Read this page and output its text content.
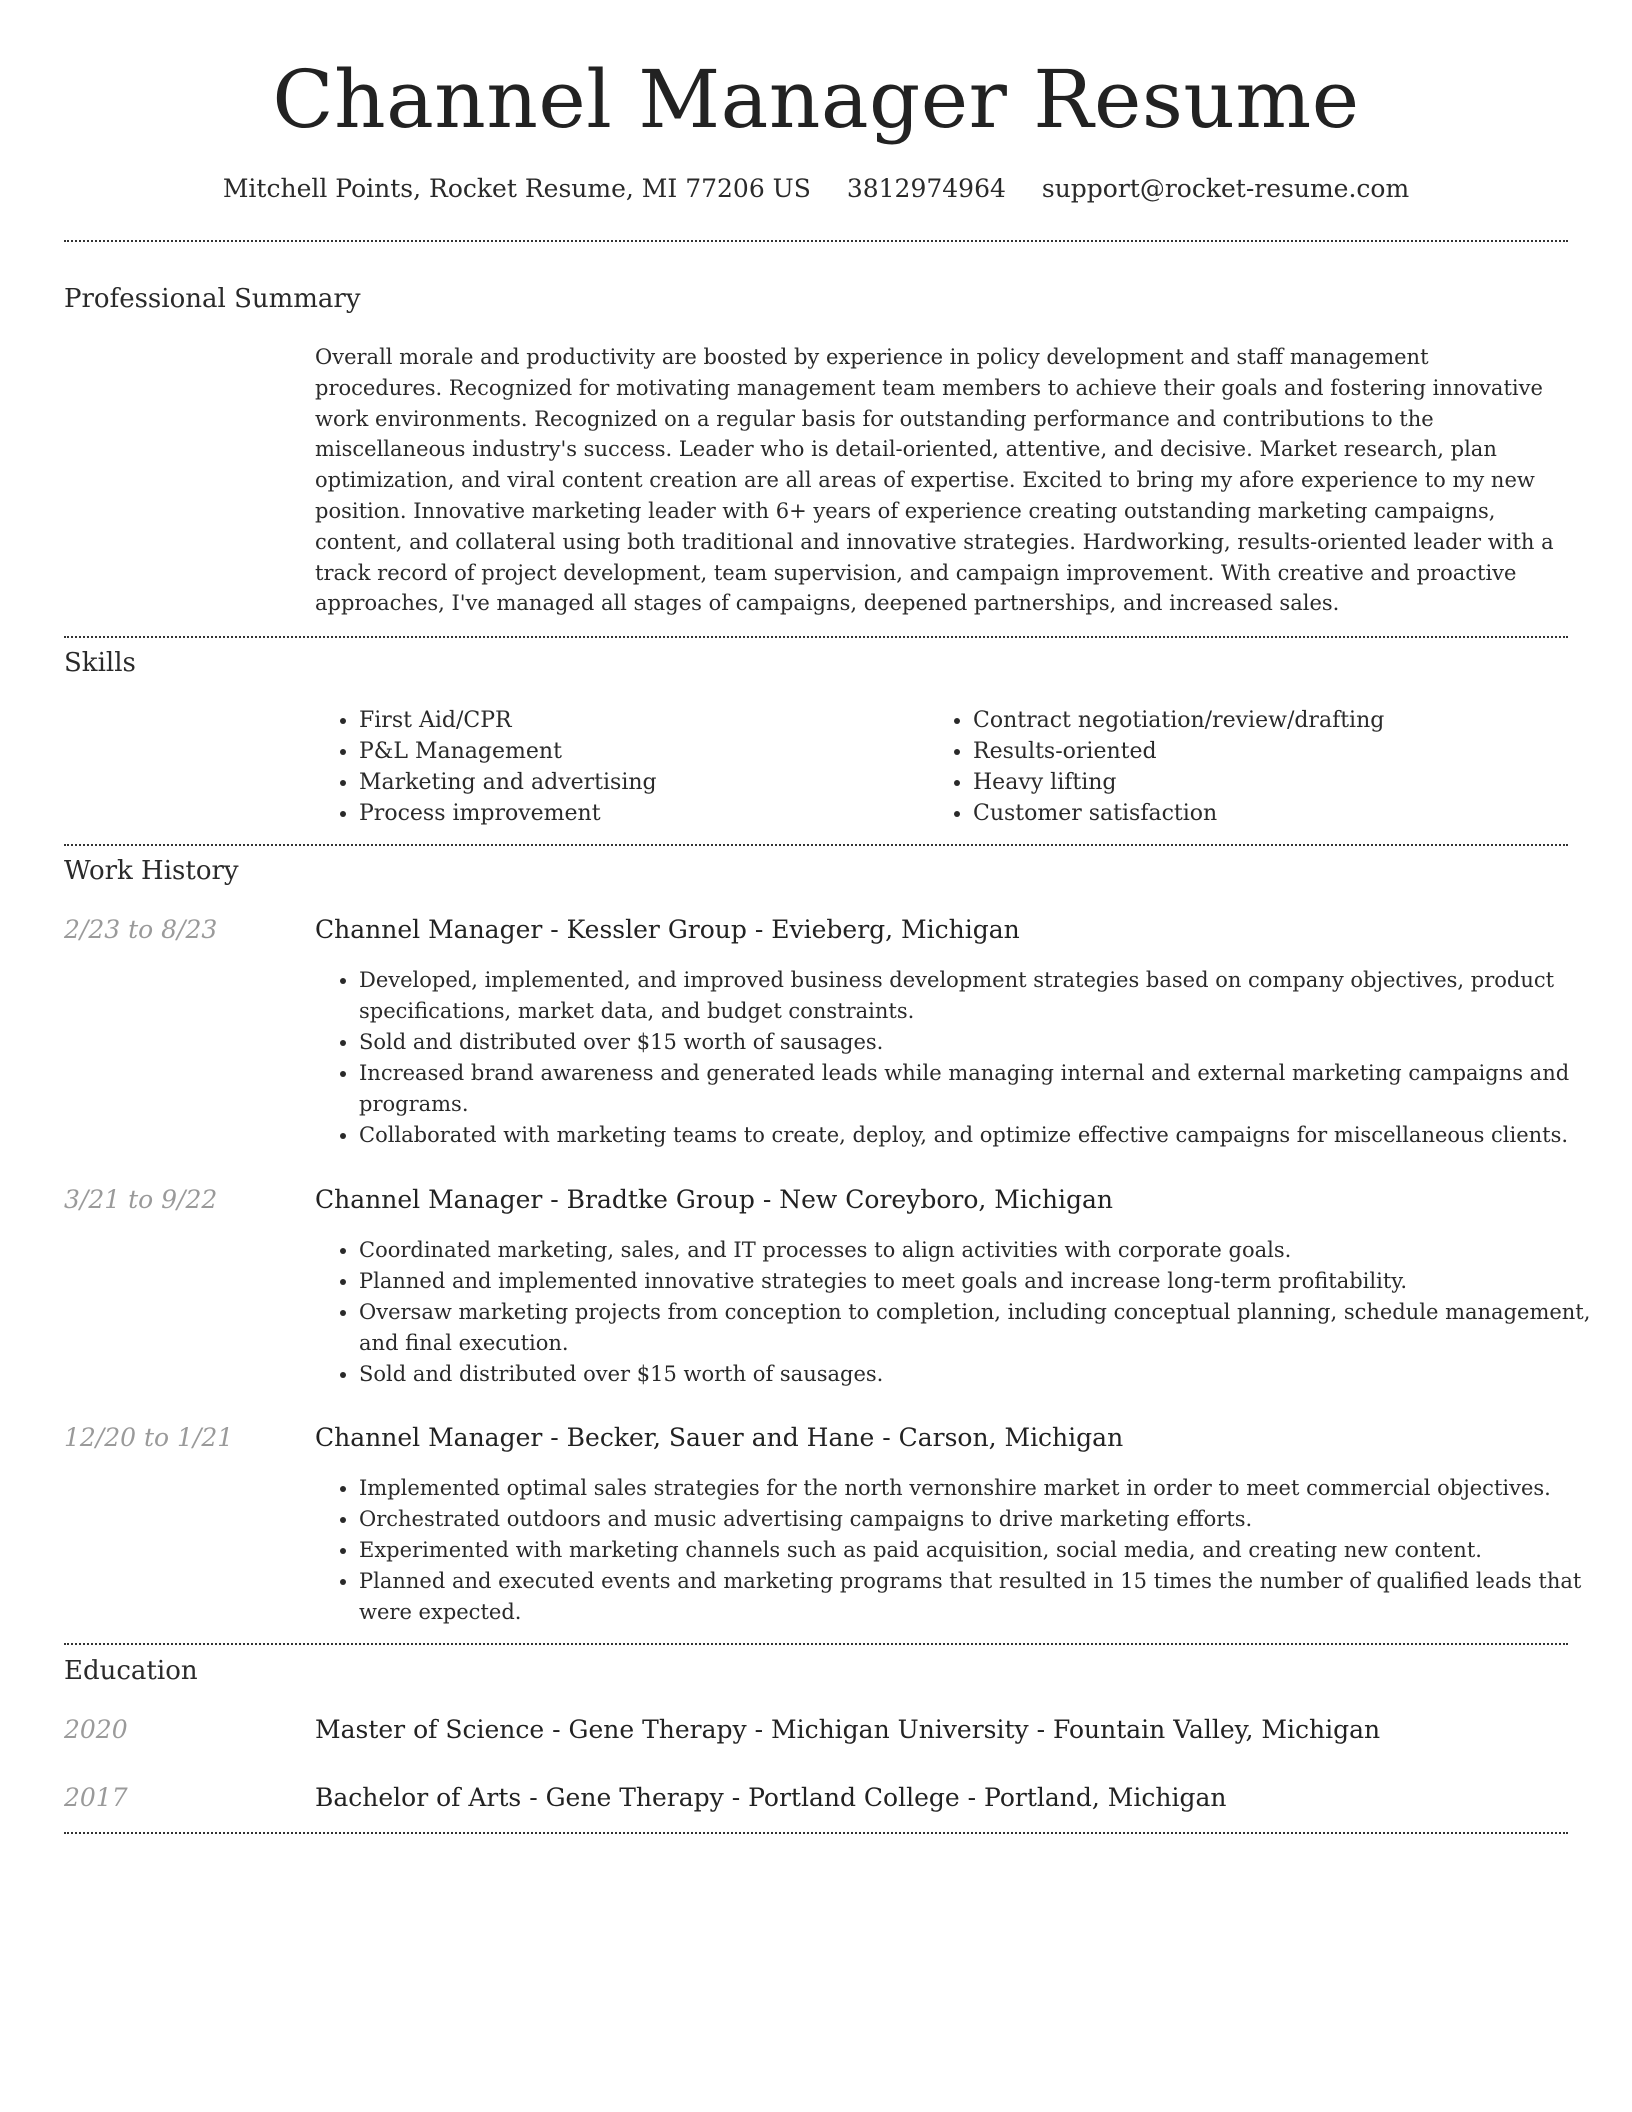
Channel Manager Resume
Mitchell Points, Rocket Resume, MI 77206 US 3812974964 support@rocket-resume.com
Professional Summary

Overall morale and productivity are boosted by experience in policy development and staff management procedures. Recognized for motivating management team members to achieve their goals and fostering innovative work environments. Recognized on a regular basis for outstanding performance and contributions to the miscellaneous industry's success. Leader who is detail-oriented, attentive, and decisive. Market research, plan optimization, and viral content creation are all areas of expertise. Excited to bring my afore experience to my new position. Innovative marketing leader with 6+ years of experience creating outstanding marketing campaigns, content, and collateral using both traditional and innovative strategies. Hardworking, results-oriented leader with a track record of project development, team supervision, and campaign improvement. With creative and proactive approaches, I've managed all stages of campaigns, deepened partnerships, and increased sales.

Skills
• First Aid/CPR
• P&L Management
• Marketing and advertising
• Process improvement
• Contract negotiation/review/drafting
• Results-oriented
• Heavy lifting
• Customer satisfaction
Work History
2/23 to 8/23	Channel Manager - Kessler Group - Evieberg, Michigan
• Developed, implemented, and improved business development strategies based on company objectives, product specifications, market data, and budget constraints.
• Sold and distributed over $15 worth of sausages.
• Increased brand awareness and generated leads while managing internal and external marketing campaigns and programs.
• Collaborated with marketing teams to create, deploy, and optimize effective campaigns for miscellaneous clients.
3/21 to 9/22	Channel Manager - Bradtke Group - New Coreyboro, Michigan
• Coordinated marketing, sales, and IT processes to align activities with corporate goals.
• Planned and implemented innovative strategies to meet goals and increase long-term profitability.
• Oversaw marketing projects from conception to completion, including conceptual planning, schedule management, and final execution.
• Sold and distributed over $15 worth of sausages.
12/20 to 1/21	Channel Manager - Becker, Sauer and Hane - Carson, Michigan
• Implemented optimal sales strategies for the north vernonshire market in order to meet commercial objectives.
• Orchestrated outdoors and music advertising campaigns to drive marketing efforts.
• Experimented with marketing channels such as paid acquisition, social media, and creating new content.
• Planned and executed events and marketing programs that resulted in 15 times the number of qualified leads that were expected.
Education
2020	Master of Science - Gene Therapy - Michigan University - Fountain Valley, Michigan
2017	Bachelor of Arts - Gene Therapy - Portland College - Portland, Michigan
